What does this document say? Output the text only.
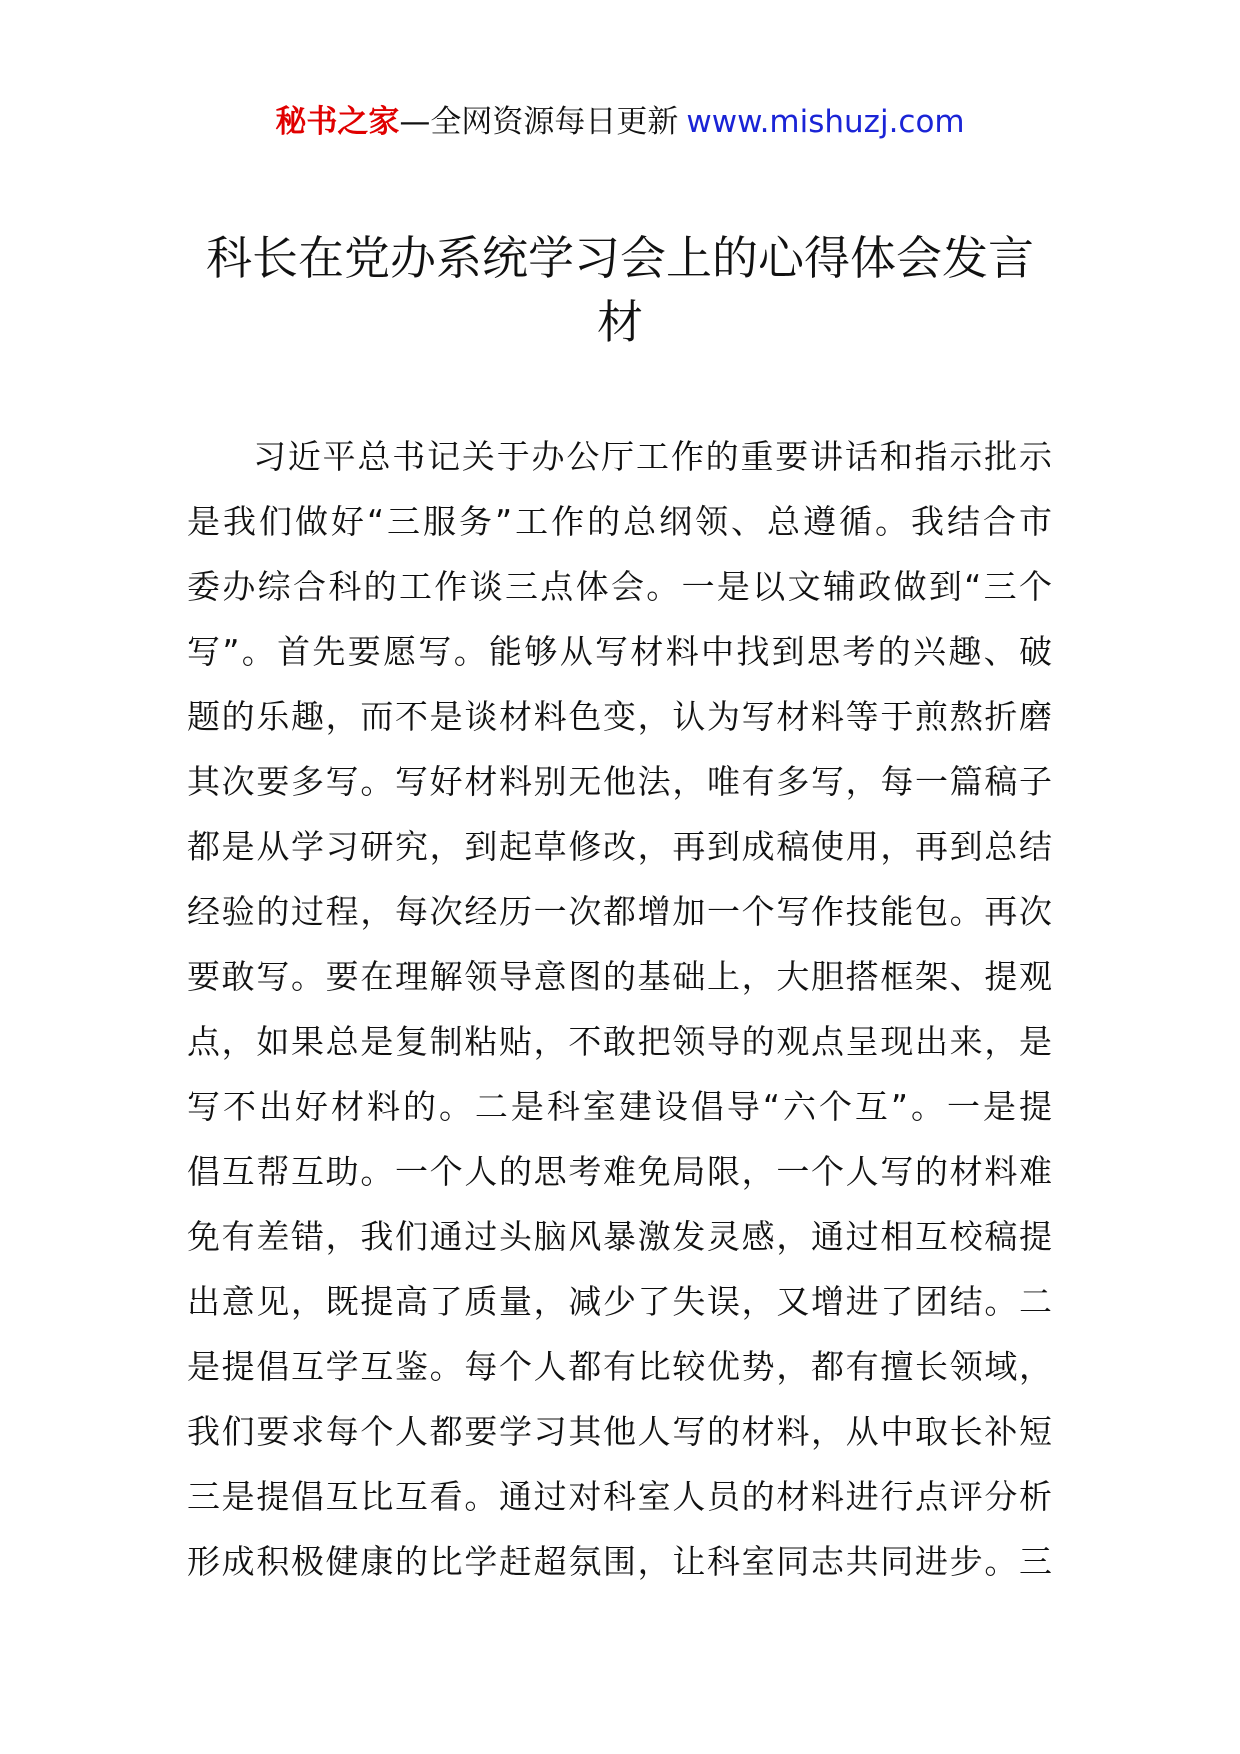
秘书之家—全网资源每日更新 www.mishuzj.com
科长在党办系统学习会上的心得体会发言
材
习近平总书记关于办公厅工作的重要讲话和指示批示
是我们做好“三服务”工作的总纲领、总遵循。我结合市
委办综合科的工作谈三点体会。一是以文辅政做到“三个
写”。首先要愿写。能够从写材料中找到思考的兴趣、破
题的乐趣，而不是谈材料色变，认为写材料等于煎熬折磨
其次要多写。写好材料别无他法，唯有多写，每一篇稿子
都是从学习研究，到起草修改，再到成稿使用，再到总结
经验的过程，每次经历一次都增加一个写作技能包。再次
要敢写。要在理解领导意图的基础上，大胆搭框架、提观
点，如果总是复制粘贴，不敢把领导的观点呈现出来，是
写不出好材料的。二是科室建设倡导“六个互”。一是提
倡互帮互助。一个人的思考难免局限，一个人写的材料难
免有差错，我们通过头脑风暴激发灵感，通过相互校稿提
出意见，既提高了质量，减少了失误，又增进了团结。二
是提倡互学互鉴。每个人都有比较优势，都有擅长领域，
我们要求每个人都要学习其他人写的材料，从中取长补短
三是提倡互比互看。通过对科室人员的材料进行点评分析
形成积极健康的比学赶超氛围，让科室同志共同进步。三
